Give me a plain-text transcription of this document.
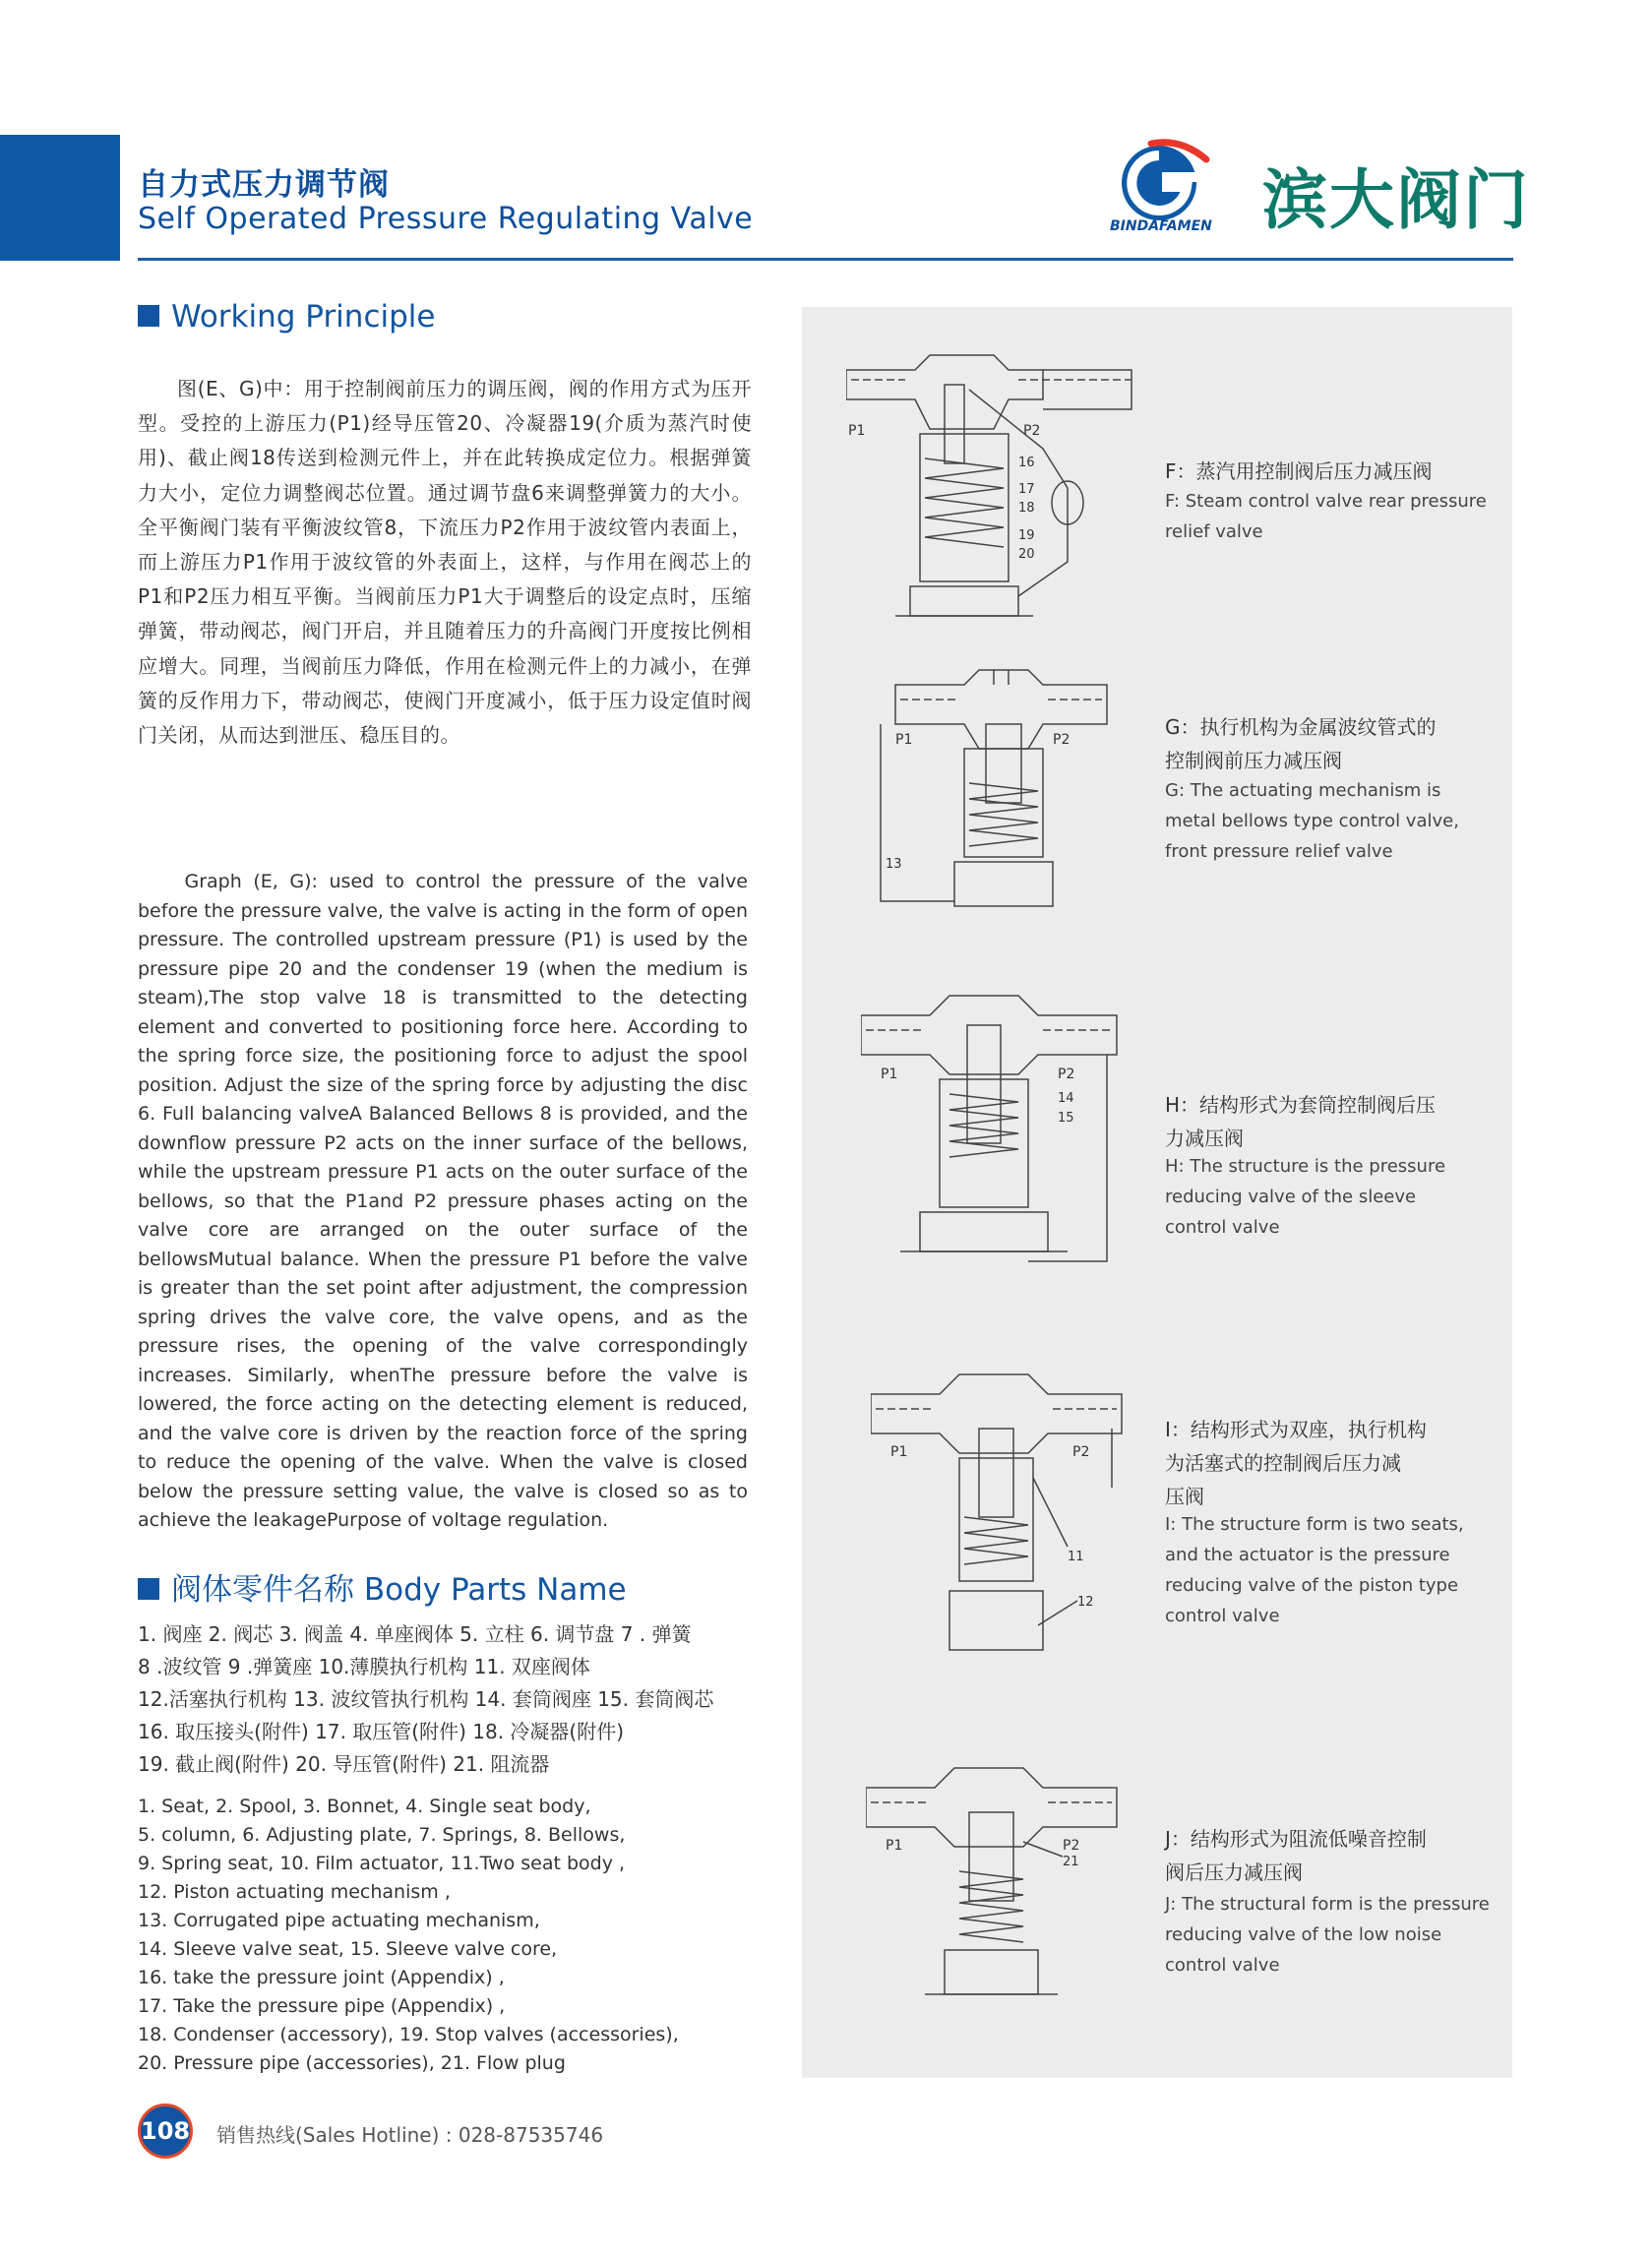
自力式压力调节阀
Self Operated Pressure Regulating Valve	BINDAFAMEN 滨大阀门
Working Principle
图(E、G)中：用于控制阀前压力的调压阀，阀的作用方式为压开型。受控的上游压力(P1)经导压管20、冷凝器19(介质为蒸汽时使用)、截止阀18传送到检测元件上，并在此转换成定位力。根据弹簧力大小，定位力调整阀芯位置。通过调节盘6来调整弹簧力的大小。全平衡阀门装有平衡波纹管8，下流压力P2作用于波纹管内表面上，而上游压力P1作用于波纹管的外表面上，这样，与作用在阀芯上的P1和P2压力相互平衡。当阀前压力P1大于调整后的设定点时，压缩弹簧，带动阀芯，阀门开启，并且随着压力的升高阀门开度按比例相应增大。同理，当阀前压力降低，作用在检测元件上的力减小，在弹簧的反作用力下，带动阀芯，使阀门开度减小，低于压力设定值时阀门关闭，从而达到泄压、稳压目的。
Graph (E, G): used to control the pressure of the valve before the pressure valve, the valve is acting in the form of open pressure. The controlled upstream pressure (P1) is used by the pressure pipe 20 and the condenser 19 (when the medium is steam),The stop valve 18 is transmitted to the detecting element and converted to positioning force here. According to the spring force size, the positioning force to adjust the spool position. Adjust the size of the spring force by adjusting the disc 6. Full balancing valveA Balanced Bellows 8 is provided, and the downflow pressure P2 acts on the inner surface of the bellows, while the upstream pressure P1 acts on the outer surface of the bellows, so that the P1and P2 pressure phases acting on the valve core are arranged on the outer surface of the bellowsMutual balance. When the pressure P1 before the valve is greater than the set point after adjustment, the compression spring drives the valve core, the valve opens, and as the pressure rises, the opening of the valve correspondingly increases. Similarly, whenThe pressure before the valve is lowered, the force acting on the detecting element is reduced, and the valve core is driven by the reaction force of the spring to reduce the opening of the valve. When the valve is closed below the pressure setting value, the valve is closed so as to achieve the leakagePurpose of voltage regulation.
阀体零件名称 Body Parts Name
1. 阀座 2. 阀芯 3. 阀盖 4. 单座阀体 5. 立柱 6. 调节盘 7 . 弹簧
8 .波纹管 9 .弹簧座 10.薄膜执行机构 11. 双座阀体
12.活塞执行机构 13. 波纹管执行机构 14. 套筒阀座 15. 套筒阀芯
16. 取压接头(附件) 17. 取压管(附件) 18. 冷凝器(附件)
19. 截止阀(附件) 20. 导压管(附件) 21. 阻流器
1. Seat, 2. Spool, 3. Bonnet, 4. Single seat body,
5. column, 6. Adjusting plate, 7. Springs, 8. Bellows,
9. Spring seat, 10. Film actuator, 11.Two seat body ,
12. Piston actuating mechanism ,
13. Corrugated pipe actuating mechanism,
14. Sleeve valve seat, 15. Sleeve valve core,
16. take the pressure joint (Appendix) ,
17. Take the pressure pipe (Appendix) ,
18. Condenser (accessory), 19. Stop valves (accessories),
20. Pressure pipe (accessories), 21. Flow plug
108 销售热线(Sales Hotline) : 028-87535746
P1	P2
16
17
18
19
20
F：蒸汽用控制阀后压力减压阀
F: Steam control valve rear pressure
relief valve
P1	P2
13
G：执行机构为金属波纹管式的
控制阀前压力减压阀
G: The actuating mechanism is
metal bellows type control valve,
front pressure relief valve
P1	P2
14
15
H：结构形式为套筒控制阀后压
力减压阀
H: The structure is the pressure
reducing valve of the sleeve
control valve
P1	P2
11
12
I：结构形式为双座，执行机构
为活塞式的控制阀后压力减
压阀
I: The structure form is two seats,
and the actuator is the pressure
reducing valve of the piston type
control valve
P1	P2
21
J：结构形式为阻流低噪音控制
阀后压力减压阀
J: The structural form is the pressure
reducing valve of the low noise
control valve
